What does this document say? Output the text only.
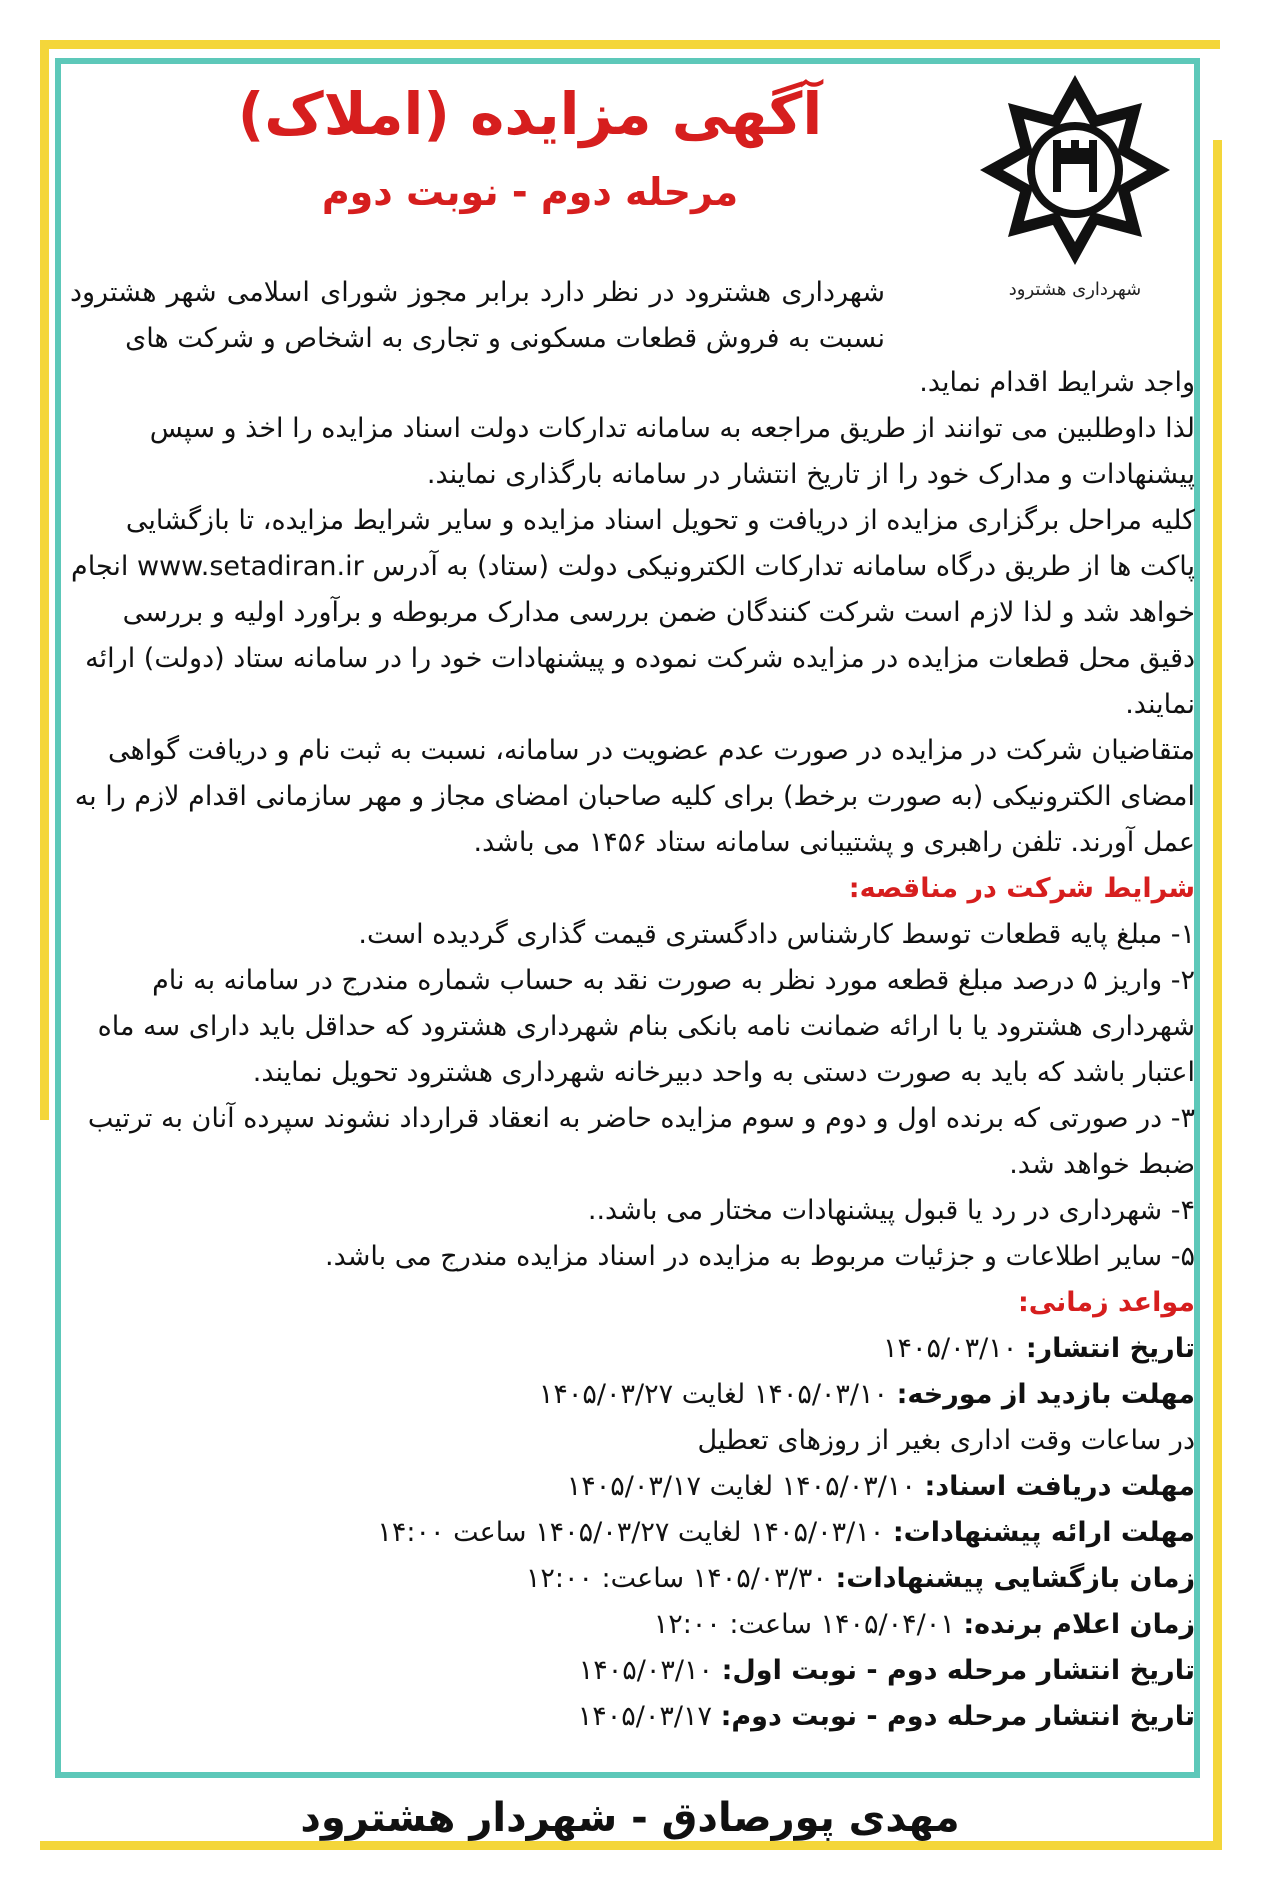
شهرداری هشترود
آگهی مزایده (املاک)
مرحله دوم - نوبت دوم
شهرداری هشترود در نظر دارد برابر مجوز شورای اسلامی شهر هشترود نسبت به فروش قطعات مسکونی و تجاری به اشخاص و شرکت های

واجد شرایط اقدام نماید.

لذا داوطلبین می توانند از طریق مراجعه به سامانه تدارکات دولت اسناد مزایده را اخذ و سپس پیشنهادات و مدارک خود را از تاریخ انتشار در سامانه بارگذاری نمایند.

کلیه مراحل برگزاری مزایده از دریافت و تحویل اسناد مزایده و سایر شرایط مزایده، تا بازگشایی پاکت ها از طریق درگاه سامانه تدارکات الکترونیکی دولت (ستاد) به آدرس www.setadiran.ir انجام خواهد شد و لذا لازم است شرکت کنندگان ضمن بررسی مدارک مربوطه و برآورد اولیه و بررسی دقیق محل قطعات مزایده در مزایده شرکت نموده و پیشنهادات خود را در سامانه ستاد (دولت) ارائه نمایند.

متقاضیان شرکت در مزایده در صورت عدم عضویت در سامانه، نسبت به ثبت نام و دریافت گواهی امضای الکترونیکی (به صورت برخط) برای کلیه صاحبان امضای مجاز و مهر سازمانی اقدام لازم را به عمل آورند. تلفن راهبری و پشتیبانی سامانه ستاد ۱۴۵۶ می باشد.

شرایط شرکت در مناقصه:

۱- مبلغ پایه قطعات توسط کارشناس دادگستری قیمت گذاری گردیده است.

۲- واریز ۵ درصد مبلغ قطعه مورد نظر به صورت نقد به حساب شماره مندرج در سامانه به نام شهرداری هشترود یا با ارائه ضمانت نامه بانکی بنام شهرداری هشترود که حداقل باید دارای سه ماه اعتبار باشد که باید به صورت دستی به واحد دبیرخانه شهرداری هشترود تحویل نمایند.

۳- در صورتی که برنده اول و دوم و سوم مزایده حاضر به انعقاد قرارداد نشوند سپرده آنان به ترتیب ضبط خواهد شد.

۴- شهرداری در رد یا قبول پیشنهادات مختار می باشد..

۵- سایر اطلاعات و جزئیات مربوط به مزایده در اسناد مزایده مندرج می باشد.

مواعد زمانی:

تاریخ انتشار: ۱۴۰۵/۰۳/۱۰

مهلت بازدید از مورخه: ۱۴۰۵/۰۳/۱۰ لغایت ۱۴۰۵/۰۳/۲۷

در ساعات وقت اداری بغیر از روزهای تعطیل

مهلت دریافت اسناد: ۱۴۰۵/۰۳/۱۰ لغایت ۱۴۰۵/۰۳/۱۷

مهلت ارائه پیشنهادات: ۱۴۰۵/۰۳/۱۰ لغایت ۱۴۰۵/۰۳/۲۷ ساعت ۱۴:۰۰

زمان بازگشایی پیشنهادات: ۱۴۰۵/۰۳/۳۰ ساعت: ۱۲:۰۰

زمان اعلام برنده: ۱۴۰۵/۰۴/۰۱ ساعت: ۱۲:۰۰

تاریخ انتشار مرحله دوم - نوبت اول: ۱۴۰۵/۰۳/۱۰

تاریخ انتشار مرحله دوم - نوبت دوم: ۱۴۰۵/۰۳/۱۷

مهدی پورصادق - شهردار هشترود
